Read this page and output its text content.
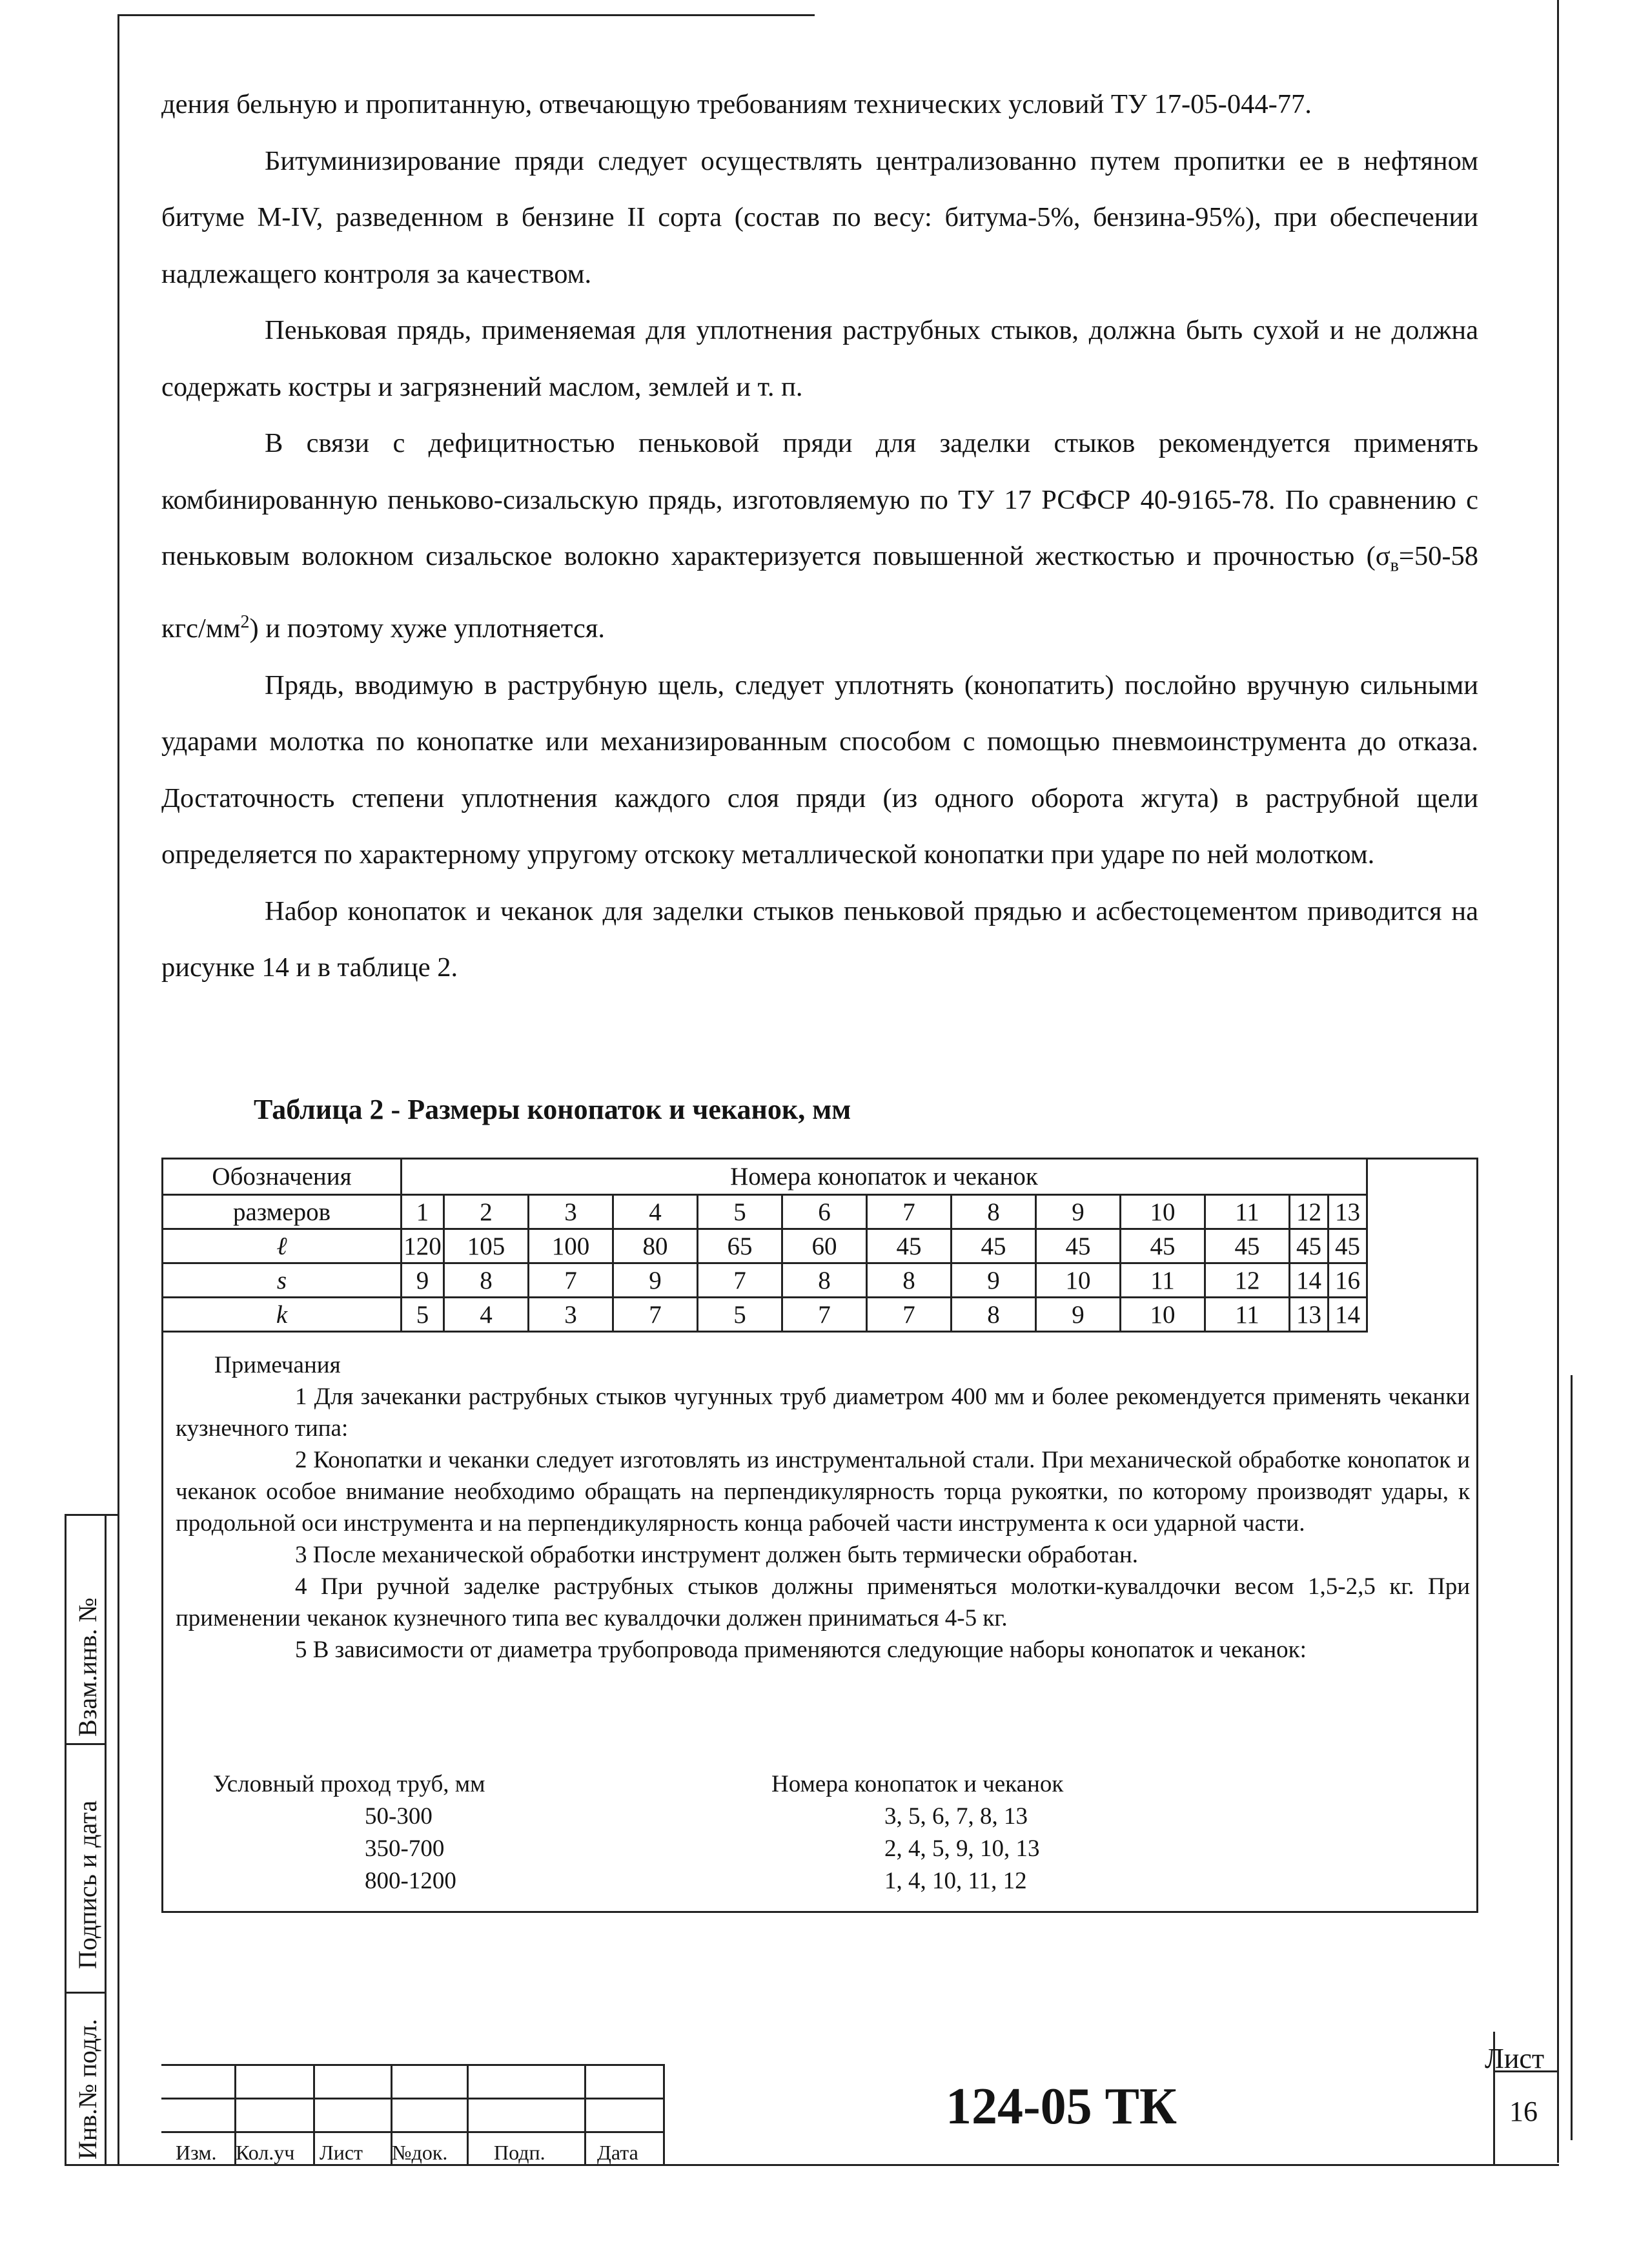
дения бельную и пропитанную, отвечающую требованиям технических условий ТУ 17-05-044-77.

Битуминизирование пряди следует осуществлять централизованно путем пропитки ее в нефтяном битуме М-IV, разведенном в бензине II сорта (состав по весу: битума-5%, бензина-95%), при обеспечении надлежащего контроля за качеством.

Пеньковая прядь, применяемая для уплотнения раструбных стыков, должна быть сухой и не должна содержать костры и загрязнений маслом, землей и т. п.

В связи с дефицитностью пеньковой пряди для заделки стыков рекомендуется применять комбинированную пеньково-сизальскую прядь, изготовляемую по ТУ 17 РСФСР 40-9165-78. По сравнению с пеньковым волокном сизальское волокно характеризуется повышенной жесткостью и прочностью ($\sigma_в=50-58$ кгс/$мм^2$) и поэтому хуже уплотняется.

Прядь, вводимую в раструбную щель, следует уплотнять (конопатить) послойно вручную сильными ударами молотка по конопатке или механизированным способом с помощью пневмоинструмента до отказа. Достаточность степени уплотнения каждого слоя пряди (из одного оборота жгута) в раструбной щели определяется по характерному упругому отскоку металлической конопатки при ударе по ней молотком.

Набор конопаток и чеканок для заделки стыков пеньковой прядью и асбестоцементом приводится на рисунке 14 и в таблице 2.

Таблица 2 - Размеры конопаток и чеканок, мм
Обозначения	Номера конопаток и чеканок												
размеров	1	2	3	4	5	6	7	8	9	10	11	12	13
ℓ	120	105	100	80	65	60	45	45	45	45	45	45	45
s	9	8	7	9	7	8	8	9	10	11	12	14	16
k	5	4	3	7	5	7	7	8	9	10	11	13	14
Примечания

1 Для зачеканки раструбных стыков чугунных труб диаметром 400 мм и более рекомендуется применять чеканки кузнечного типа:

2 Конопатки и чеканки следует изготовлять из инструментальной стали. При механической обработке конопаток и чеканок особое внимание необходимо обращать на перпендикулярность торца рукоятки, по которому производят удары, к продольной оси инструмента и на перпендикулярность конца рабочей части инструмента к оси ударной части.

3 После механической обработки инструмент должен быть термически обработан.

4 При ручной заделке раструбных стыков должны применяться молотки-кувалдочки весом 1,5-2,5 кг. При применении чеканок кузнечного типа вес кувалдочки должен приниматься 4-5 кг.

5 В зависимости от диаметра трубопровода применяются следующие наборы конопаток и чеканок:

Условный проход труб, мм	Номера конопаток и чеканок
50-300	3, 5, 6, 7, 8, 13
350-700	2, 4, 5, 9, 10, 13
800-1200	1, 4, 10, 11, 12
Взам.инв. №
Подпись и дата
Инв.№ подл.	Изм. Кол.уч Лист №док. Подп.	Дата
124-05 ТК
Лист
16
